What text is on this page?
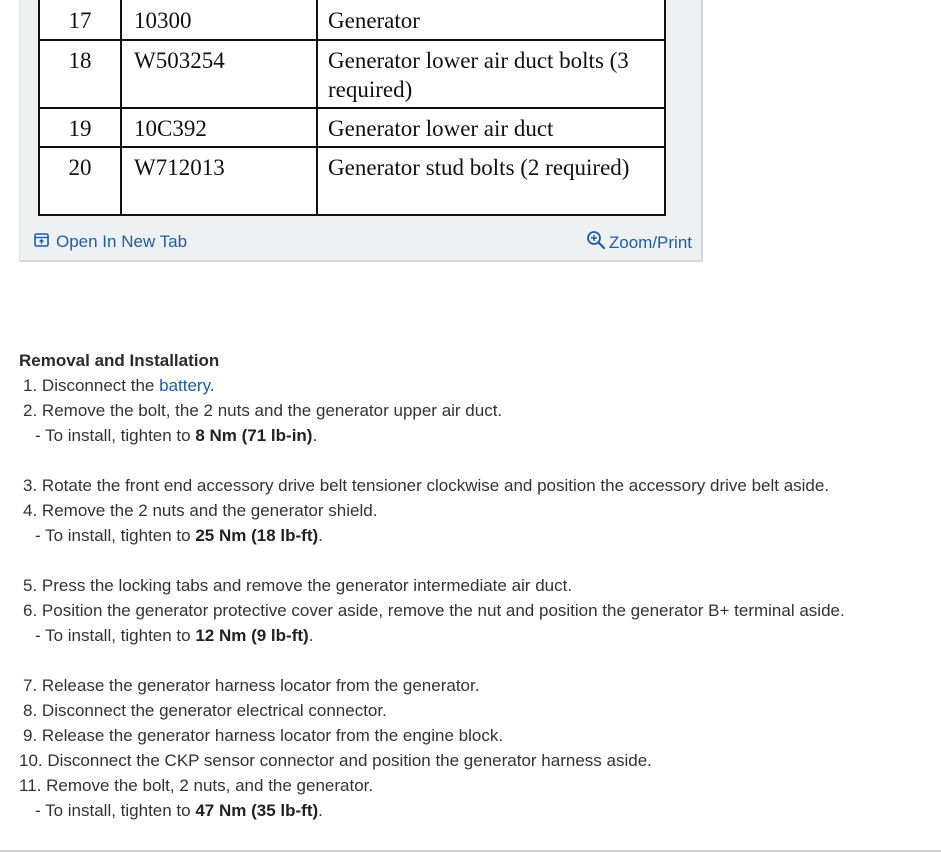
17	10300	Generator
18	W503254	Generator lower air duct bolts (3 required)
19	10C392	Generator lower air duct
20	W712013	Generator stud bolts (2 required)
Open In New Tab	Zoom/Print
Removal and Installation
1. Disconnect the battery.
2. Remove the bolt, the 2 nuts and the generator upper air duct.
- To install, tighten to 8 Nm (71 lb-in).
3. Rotate the front end accessory drive belt tensioner clockwise and position the accessory drive belt aside.
4. Remove the 2 nuts and the generator shield.
- To install, tighten to 25 Nm (18 lb-ft).
5. Press the locking tabs and remove the generator intermediate air duct.
6. Position the generator protective cover aside, remove the nut and position the generator B+ terminal aside.
- To install, tighten to 12 Nm (9 lb-ft).
7. Release the generator harness locator from the generator.
8. Disconnect the generator electrical connector.
9. Release the generator harness locator from the engine block.
10. Disconnect the CKP sensor connector and position the generator harness aside.
11. Remove the bolt, 2 nuts, and the generator.
- To install, tighten to 47 Nm (35 lb-ft).
